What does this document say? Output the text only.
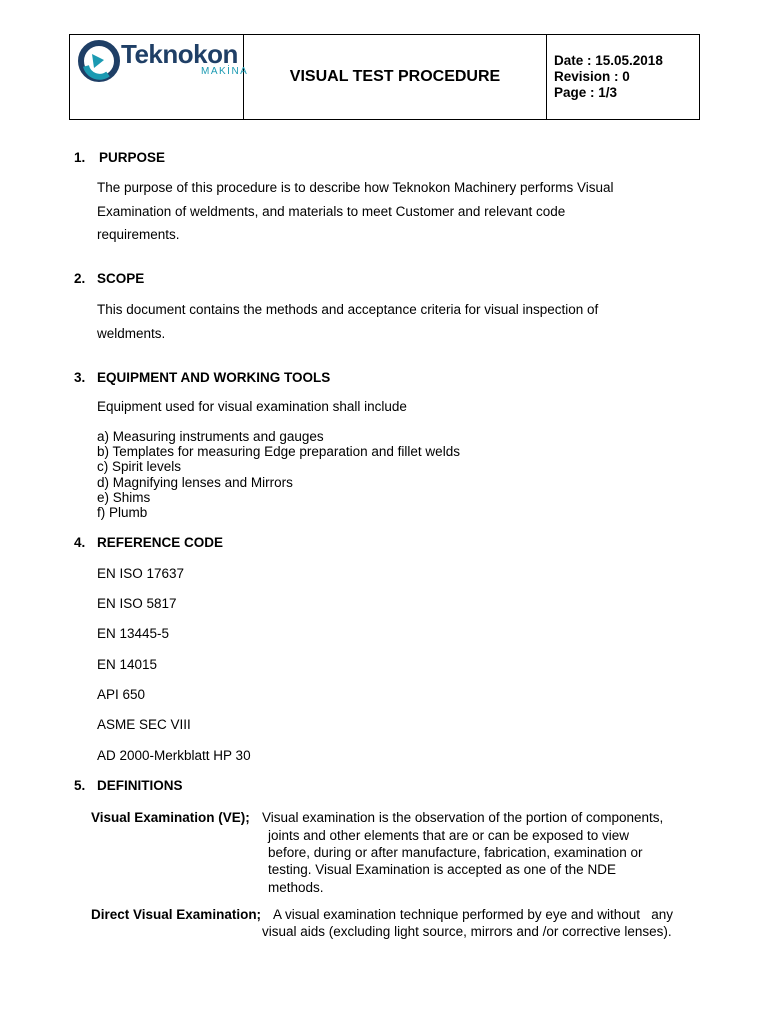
Teknokon
MAKİNA	VISUAL TEST PROCEDURE
Date : 15.05.2018
Revision : 0
Page : 1/3
1. PURPOSE
The purpose of this procedure is to describe how Teknokon Machinery performs Visual
Examination of weldments, and materials to meet Customer and relevant code
requirements.
2. SCOPE
This document contains the methods and acceptance criteria for visual inspection of
weldments.
3. EQUIPMENT AND WORKING TOOLS
Equipment used for visual examination shall include
a) Measuring instruments and gauges
b) Templates for measuring Edge preparation and fillet welds
c) Spirit levels
d) Magnifying lenses and Mirrors
e) Shims
f) Plumb
4. REFERENCE CODE
EN ISO 17637
EN ISO 5817
EN 13445-5
EN 14015
API 650
ASME SEC VIII
AD 2000-Merkblatt HP 30
5. DEFINITIONS
Visual Examination (VE); Visual examination is the observation of the portion of components,
joints and other elements that are or can be exposed to view
before, during or after manufacture, fabrication, examination or
testing. Visual Examination is accepted as one of the NDE
methods.
Direct Visual Examination; A visual examination technique performed by eye and without   any
visual aids (excluding light source, mirrors and /or corrective lenses).
